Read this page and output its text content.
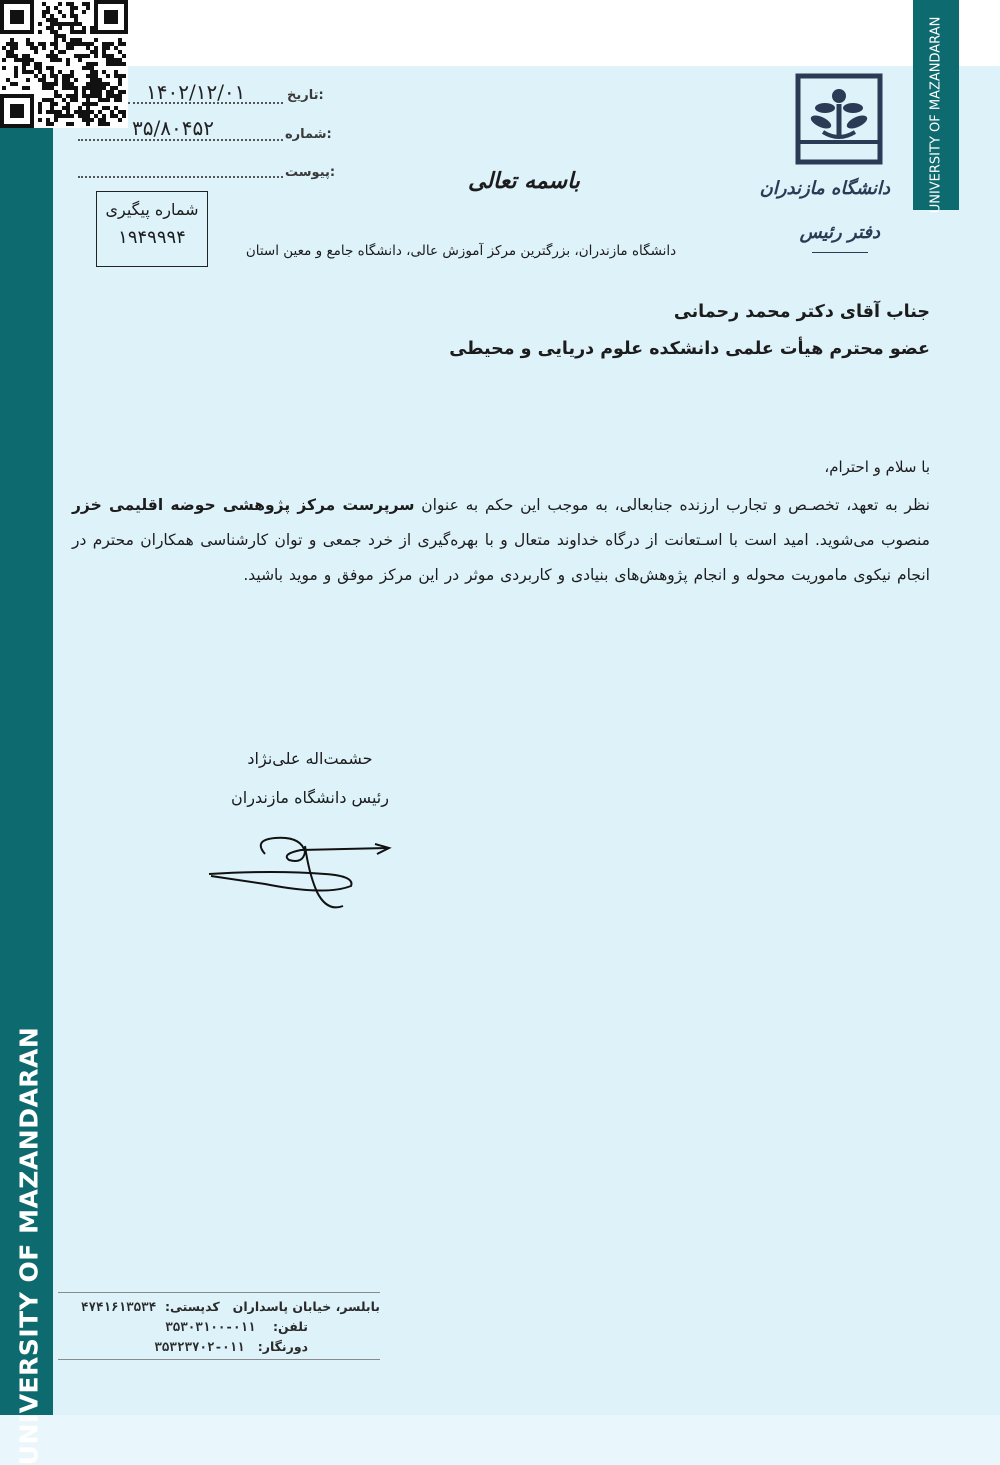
UNIVERSITY OF MAZANDARAN
UNIVERSITY OF MAZANDARAN
تاریخ:
۱۴۰۲/۱۲/۰۱
شماره:
۳۵/۸۰۴۵۲
پیوست:	باسمه تعالی
شماره پیگیری
۱۹۴۹۹۹۴
دانشگاه مازندران، بزرگترین مرکز آموزش عالی، دانشگاه جامع و معین استان
دانشگاه مازندران
دفتر رئیس
جناب آقای دکتر محمد رحمانی
عضو محترم هیأت علمی دانشکده علوم دریایی و محیطی
با سلام و احترام،
نظر به تعهد، تخصـص و تجارب ارزنده جنابعالی، به موجب این حکم به عنوان سرپرست مرکز پژوهشی حوضه اقلیمی خزر منصوب می‌شوید. امید است با اسـتعانت از درگاه خداوند متعال و با بهره‌گیری از خرد جمعی و توان کارشناسی همکاران محترم در انجام نیکوی ماموریت محوله و انجام پژوهش‌های بنیادی و کاربردی موثر در این مرکز موفق و موید باشید.
حشمت‌اله علی‌نژاد
رئیس دانشگاه مازندران
بابلسر، خیابان پاسداران   کدپستی:  ۴۷۴۱۶۱۳۵۳۴
تلفن:    ۰۱۱-۳۵۳۰۳۱۰۰
دورنگار:   ۰۱۱-۳۵۳۲۳۷۰۲
